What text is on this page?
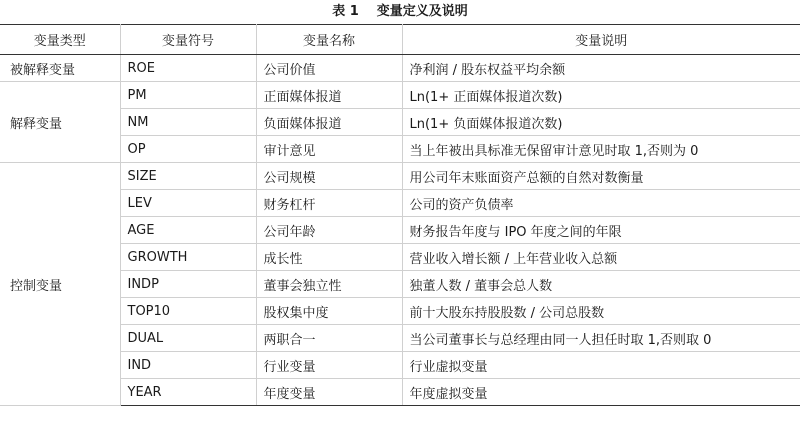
表 1 变量定义及说明
变量类型	变量符号	变量名称	变量说明
被解释变量	ROE	公司价值	净利润 / 股东权益平均余额
解释变量	PM	正面媒体报道	Ln(1+ 正面媒体报道次数)
	NM	负面媒体报道	Ln(1+ 负面媒体报道次数)
	OP	审计意见	当上年被出具标准无保留审计意见时取 1,否则为 0
控制变量	SIZE	公司规模	用公司年末账面资产总额的自然对数衡量
	LEV	财务杠杆	公司的资产负债率
	AGE	公司年龄	财务报告年度与 IPO 年度之间的年限
	GROWTH	成长性	营业收入增长额 / 上年营业收入总额
	INDP	董事会独立性	独董人数 / 董事会总人数
	TOP10	股权集中度	前十大股东持股股数 / 公司总股数
	DUAL	两职合一	当公司董事长与总经理由同一人担任时取 1,否则取 0
	IND	行业变量	行业虚拟变量
	YEAR	年度变量	年度虚拟变量
